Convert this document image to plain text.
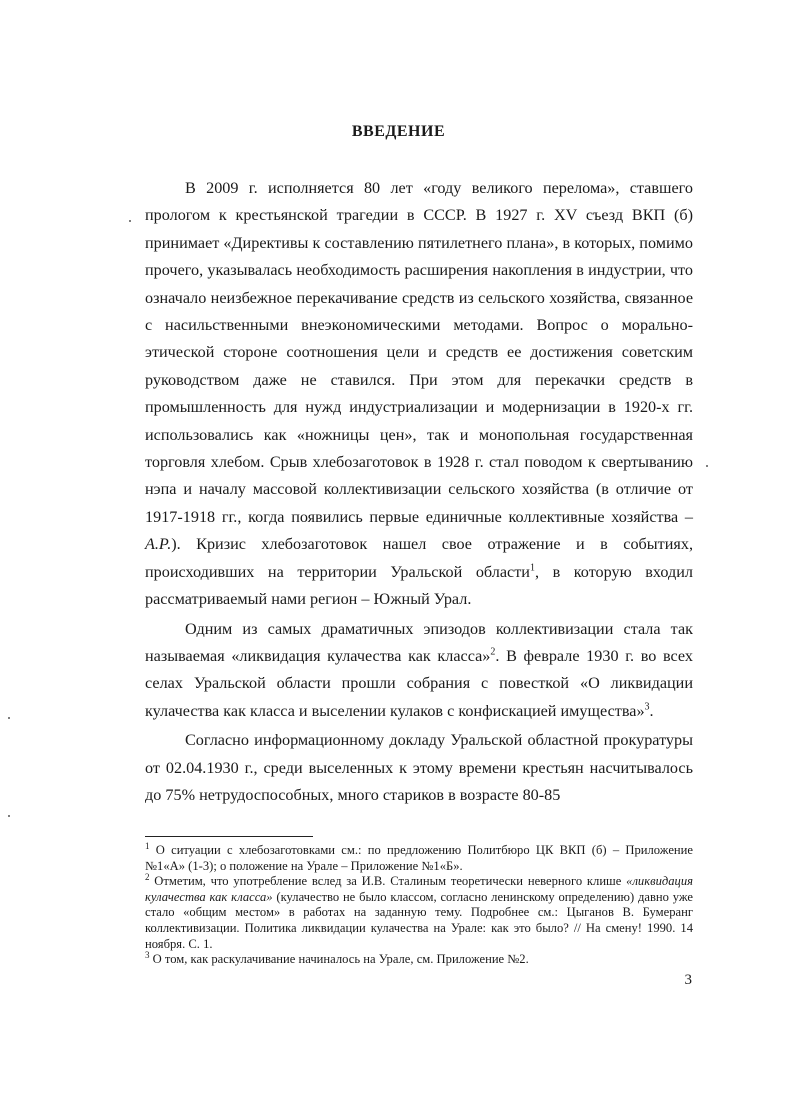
ВВЕДЕНИЕ

В 2009 г. исполняется 80 лет «году великого перелома», ставшего прологом к крестьянской трагедии в СССР. В 1927 г. XV съезд ВКП (б) принимает «Директивы к составлению пятилетнего плана», в которых, помимо прочего, указывалась необходимость расширения накопления в индустрии, что означало неизбежное перекачивание средств из сельского хозяйства, связанное с насильственными внеэкономическими методами. Вопрос о морально-этической стороне соотношения цели и средств ее достижения советским руководством даже не ставился. При этом для перекачки средств в промышленность для нужд индустриализации и модернизации в 1920-х гг. использовались как «ножницы цен», так и монопольная государственная торговля хлебом. Срыв хлебозаготовок в 1928 г. стал поводом к свертыванию нэпа и началу массовой коллективизации сельского хозяйства (в отличие от 1917-1918 гг., когда появились первые единичные коллективные хозяйства – А.Р.). Кризис хлебозаготовок нашел свое отражение и в событиях, происходивших на территории Уральской области$^1$, в которую входил рассматриваемый нами регион – Южный Урал.

Одним из самых драматичных эпизодов коллективизации стала так называемая «ликвидация кулачества как класса»$^2$. В феврале 1930 г. во всех селах Уральской области прошли собрания с повесткой «О ликвидации кулачества как класса и выселении кулаков с конфискацией имущества»$^3$.

Согласно информационному докладу Уральской областной прокуратуры от 02.04.1930 г., среди выселенных к этому времени крестьян насчитывалось до 75% нетрудоспособных, много стариков в возрасте 80-85

$^1$ О ситуации с хлебозаготовками см.: по предложению Политбюро ЦК ВКП (б) – Приложение №1«А» (1-3); о положение на Урале – Приложение №1«Б».

$^2$ Отметим, что употребление вслед за И.В. Сталиным теоретически неверного клише «ликвидация кулачества как класса» (кулачество не было классом, согласно ленинскому определению) давно уже стало «общим местом» в работах на заданную тему. Подробнее см.: Цыганов В. Бумеранг коллективизации. Политика ликвидации кулачества на Урале: как это было? // На смену! 1990. 14 ноября. С. 1.

$^3$ О том, как раскулачивание начиналось на Урале, см. Приложение №2.

3
